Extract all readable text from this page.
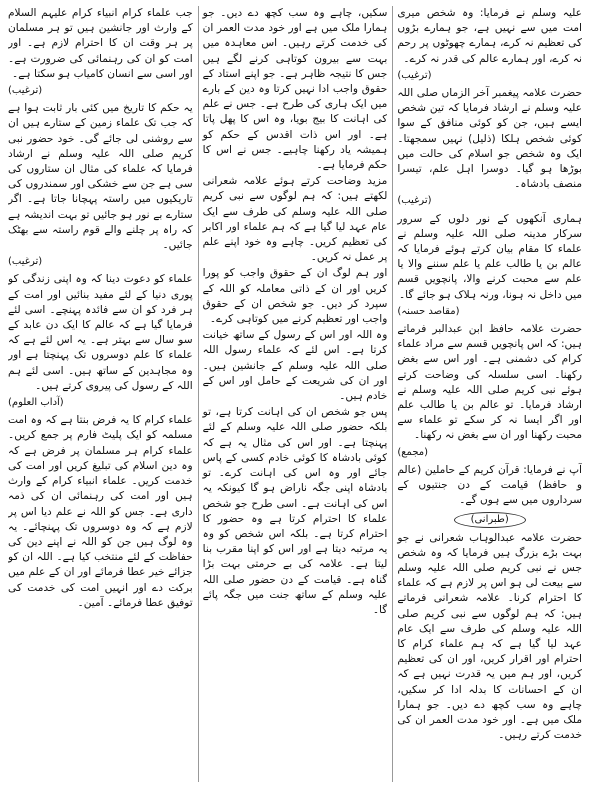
علیہ وسلم نے فرمایا: وہ شخص میری امت میں سے نہیں ہے، جو ہمارے بڑوں کی تعظیم نہ کرے، ہمارے چھوٹوں پر رحم نہ کرے، اور ہمارے عالم کی قدر نہ کرے۔

(ترغیب)

حضرت علامہ پیغمبر آخر الزماں صلی اللہ علیہ وسلم نے ارشاد فرمایا کہ تین شخص ایسے ہیں، جن کو کوئی منافق کے سوا کوئی شخص ہلکا (ذلیل) نہیں سمجھتا۔ ایک وہ شخص جو اسلام کی حالت میں بوڑھا ہو گیا۔ دوسرا اہل علم، تیسرا منصف بادشاہ۔

(ترغیب)

ہماری آنکھوں کے نور دلوں کے سرور سرکار مدینہ صلی اللہ علیہ وسلم نے علماء کا مقام بیان کرتے ہوئے فرمایا کہ عالم بن یا طالب علم یا علم سننے والا یا علم سے محبت کرنے والا، پانچویں قسم میں داخل نہ ہونا، ورنہ ہلاک ہو جائے گا۔

(مقاصد حسنہ)

حضرت علامہ حافظ ابن عبدالبر فرماتے ہیں: کہ اس پانچویں قسم سے مراد علماء کرام کی دشمنی ہے۔ اور اس سے بغض رکھنا۔ اسی سلسلہ کی وضاحت کرتے ہوئے نبی کریم صلی اللہ علیہ وسلم نے ارشاد فرمایا۔ تو عالم بن یا طالب علم اور اگر ایسا نہ کر سکے تو علماء سے محبت رکھنا اور ان سے بغض نہ رکھنا۔

(مجمع)

آپ نے فرمایا: قرآن کریم کے حاملین (عالم و حافظ) قیامت کے دن جنتیوں کے سرداروں میں سے ہوں گے۔

(طبرانی)

حضرت علامہ عبدالوہاب شعرانی نے جو بہت بڑے بزرگ ہیں فرمایا کہ وہ شخص جس نے نبی کریم صلی اللہ علیہ وسلم سے بیعت لی ہو اس پر لازم ہے کہ علماء کا احترام کرنا۔ علامہ شعرانی فرماتے ہیں: کہ ہم لوگوں سے نبی کریم صلی اللہ علیہ وسلم کی طرف سے ایک عام عہد لیا گیا ہے کہ ہم علماء کرام کا احترام اور اقرار کریں، اور ان کی تعظیم کریں، اور ہم میں یہ قدرت نہیں ہے کہ ان کے احسانات کا بدلہ ادا کر سکیں، چاہے وہ سب کچھ دے دیں۔ جو ہمارا ملک میں ہے۔ اور خود مدت العمر ان کی خدمت کرتے رہیں۔

سکیں، چاہے وہ سب کچھ دے دیں۔ جو ہمارا ملک میں ہے اور خود مدت العمر ان کی خدمت کرتے رہیں۔ اس معاہدہ میں بہت سے بیرون کوتاہی کرنے لگے ہیں جس کا نتیجہ ظاہر ہے۔ جو اپنے استاد کے حقوق واجب ادا نہیں کرتا وہ دین کے بارے میں ایک ہاری کی طرح ہے۔ جس نے علم کی اہانت کا بیج بویا، وہ اس کا پھل پاتا ہے۔ اور اس ذات اقدس کے حکم کو ہمیشہ یاد رکھنا چاہیے۔ جس نے اس کا حکم فرمایا ہے۔

مزید وضاحت کرتے ہوئے علامہ شعرانی لکھتے ہیں: کہ ہم لوگوں سے نبی کریم صلی اللہ علیہ وسلم کی طرف سے ایک عام عہد لیا گیا ہے کہ ہم علماء اور اکابر کی تعظیم کریں۔ چاہے وہ خود اپنے علم پر عمل نہ کریں۔

اور ہم لوگ ان کے حقوق واجب کو پورا کریں اور ان کے ذاتی معاملہ کو اللہ کے سپرد کر دیں۔ جو شخص ان کے حقوق واجب اور تعظیم کرنے میں کوتاہی کرے۔

وہ اللہ اور اس کے رسول کے ساتھ خیانت کرتا ہے۔ اس لئے کہ علماء رسول اللہ صلی اللہ علیہ وسلم کے جانشین ہیں۔ اور ان کی شریعت کے حامل اور اس کے خادم ہیں۔

پس جو شخص ان کی اہانت کرتا ہے، تو بلکہ حضور صلی اللہ علیہ وسلم کے لئے پہنچتا ہے۔ اور اس کی مثال یہ ہے کہ کوئی بادشاہ کا کوئی خادم کسی کے پاس جائے اور وہ اس کی اہانت کرے۔ تو بادشاہ اپنی جگہ ناراض ہو گا کیونکہ یہ اس کی اہانت ہے۔ اسی طرح جو شخص علماء کا احترام کرتا ہے وہ حضور کا احترام کرتا ہے۔ بلکہ اس شخص کو وہ یہ مرتبہ دیتا ہے اور اس کو اپنا مقرب بنا لیتا ہے۔ علامہ کی بے حرمتی بہت بڑا گناہ ہے۔ قیامت کے دن حضور صلی اللہ علیہ وسلم کے ساتھ جنت میں جگہ پائے گا۔

جب علماء کرام انبیاء کرام علیہم السلام کے وارث اور جانشین ہیں تو ہر مسلمان پر ہر وقت ان کا احترام لازم ہے۔ اور امت کو ان کی رہنمائی کی ضرورت ہے۔ اور اسی سے انسان کامیاب ہو سکتا ہے۔

(ترغیب)

یہ حکم کا تاریخ میں کئی بار ثابت ہوا ہے کہ جب تک علماء زمین کے ستارے ہیں ان سے روشنی لی جائے گی۔ خود حضور نبی کریم صلی اللہ علیہ وسلم نے ارشاد فرمایا کہ علماء کی مثال ان ستاروں کی سی ہے جن سے خشکی اور سمندروں کی تاریکیوں میں راستہ پہچانا جاتا ہے۔ اگر ستارے بے نور ہو جائیں تو بہت اندیشہ ہے کہ راہ پر چلنے والے قوم راستہ سے بھٹک جائیں۔

(ترغیب)

علماء کو دعوت دینا کہ وہ اپنی زندگی کو پوری دنیا کے لئے مفید بنائیں اور امت کے ہر فرد کو ان سے فائدہ پہنچے۔ اسی لئے فرمایا گیا ہے کہ عالم کا ایک دن عابد کے سو سال سے بہتر ہے۔ یہ اس لئے ہے کہ علماء کا علم دوسروں تک پہنچتا ہے اور وہ مجاہدین کے ساتھ ہیں۔ اسی لئے ہم اللہ کے رسول کی پیروی کرتے ہیں۔

(آداب العلوم)

علماء کرام کا یہ فرض بنتا ہے کہ وہ امت مسلمہ کو ایک پلیٹ فارم پر جمع کریں۔ علماء کرام ہر مسلمان پر فرض ہے کہ وہ دین اسلام کی تبلیغ کریں اور امت کی خدمت کریں۔ علماء انبیاء کرام کے وارث ہیں اور امت کی رہنمائی ان کی ذمہ داری ہے۔ جس کو اللہ نے علم دیا اس پر لازم ہے کہ وہ دوسروں تک پہنچائے۔ یہ وہ لوگ ہیں جن کو اللہ نے اپنے دین کی حفاظت کے لئے منتخب کیا ہے۔ اللہ ان کو جزائے خیر عطا فرمائے اور ان کے علم میں برکت دے اور انہیں امت کی خدمت کی توفیق عطا فرمائے۔ آمین۔
